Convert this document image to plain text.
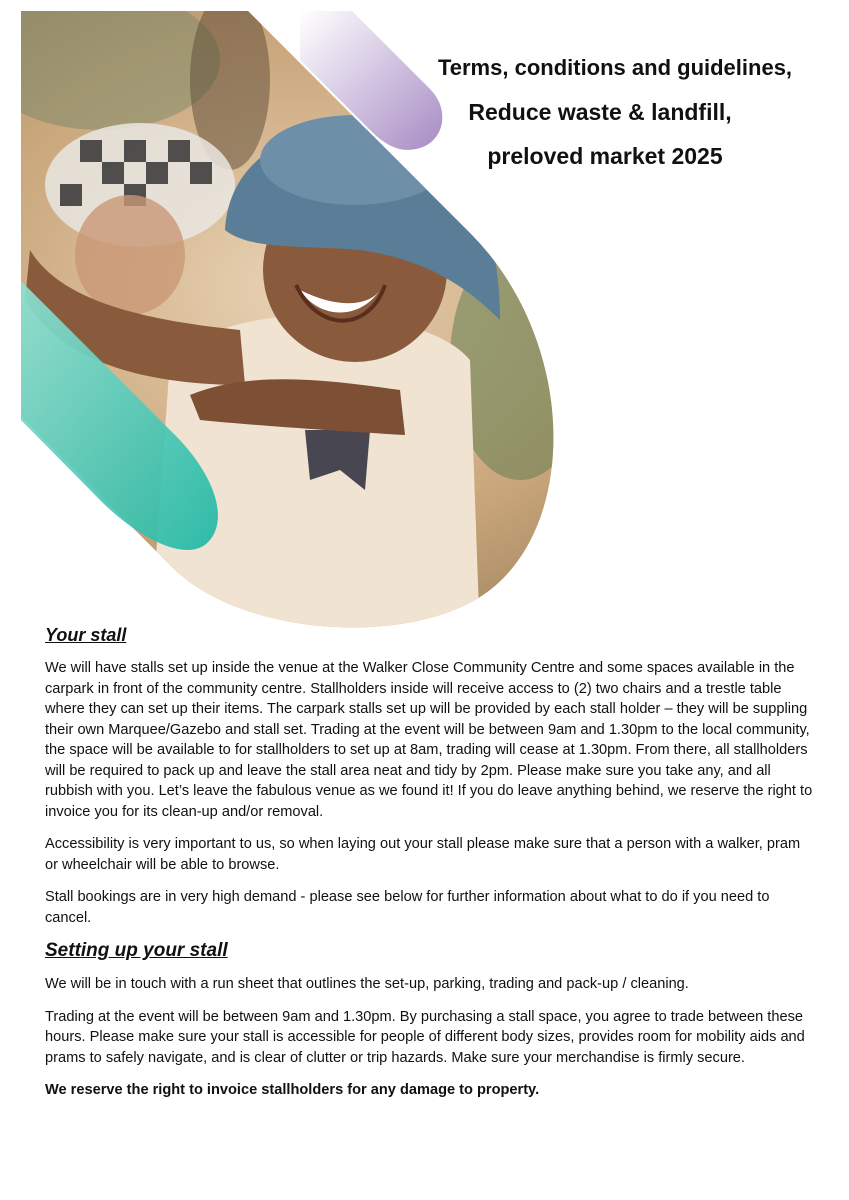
Terms, conditions and guidelines,
Reduce waste & landfill,
preloved market 2025
Your stall

We will have stalls set up inside the venue at the Walker Close Community Centre and some spaces available in the carpark in front of the community centre. Stallholders inside will receive access to (2) two chairs and a trestle table where they can set up their items. The carpark stalls set up will be provided by each stall holder – they will be suppling their own Marquee/Gazebo and stall set. Trading at the event will be between 9am and 1.30pm to the local community, the space will be available to for stallholders to set up at 8am, trading will cease at 1.30pm. From there, all stallholders will be required to pack up and leave the stall area neat and tidy by 2pm. Please make sure you take any, and all rubbish with you. Let’s leave the fabulous venue as we found it! If you do leave anything behind, we reserve the right to invoice you for its clean-up and/or removal.

Accessibility is very important to us, so when laying out your stall please make sure that a person with a walker, pram or wheelchair will be able to browse.

Stall bookings are in very high demand - please see below for further information about what to do if you need to cancel.

Setting up your stall

We will be in touch with a run sheet that outlines the set-up, parking, trading and pack-up / cleaning.

Trading at the event will be between 9am and 1.30pm. By purchasing a stall space, you agree to trade between these hours. Please make sure your stall is accessible for people of different body sizes, provides room for mobility aids and prams to safely navigate, and is clear of clutter or trip hazards. Make sure your merchandise is firmly secure.

We reserve the right to invoice stallholders for any damage to property.
